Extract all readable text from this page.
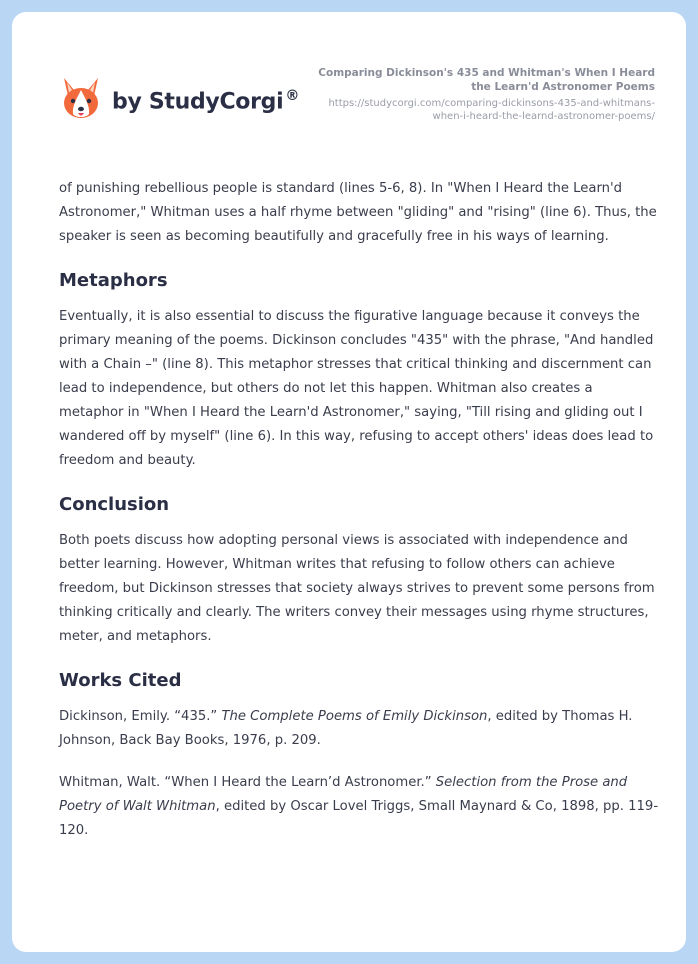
by StudyCorgi ®
Comparing Dickinson's 435 and Whitman's When I Heard the Learn'd Astronomer Poems
https://studycorgi.com/comparing-dickinsons-435-and-whitmans-when-i-heard-the-learnd-astronomer-poems/

of punishing rebellious people is standard (lines 5-6, 8). In "When I Heard the Learn'd Astronomer," Whitman uses a half rhyme between "gliding" and "rising" (line 6). Thus, the speaker is seen as becoming beautifully and gracefully free in his ways of learning.

Metaphors

Eventually, it is also essential to discuss the figurative language because it conveys the primary meaning of the poems. Dickinson concludes "435" with the phrase, "And handled with a Chain –" (line 8). This metaphor stresses that critical thinking and discernment can lead to independence, but others do not let this happen. Whitman also creates a metaphor in "When I Heard the Learn'd Astronomer," saying, "Till rising and gliding out I wandered off by myself" (line 6). In this way, refusing to accept others' ideas does lead to freedom and beauty.

Conclusion

Both poets discuss how adopting personal views is associated with independence and better learning. However, Whitman writes that refusing to follow others can achieve freedom, but Dickinson stresses that society always strives to prevent some persons from thinking critically and clearly. The writers convey their messages using rhyme structures, meter, and metaphors.

Works Cited

Dickinson, Emily. “435.” The Complete Poems of Emily Dickinson, edited by Thomas H. Johnson, Back Bay Books, 1976, p. 209.

Whitman, Walt. “When I Heard the Learn’d Astronomer.” Selection from the Prose and Poetry of Walt Whitman, edited by Oscar Lovel Triggs, Small Maynard & Co, 1898, pp. 119-120.
